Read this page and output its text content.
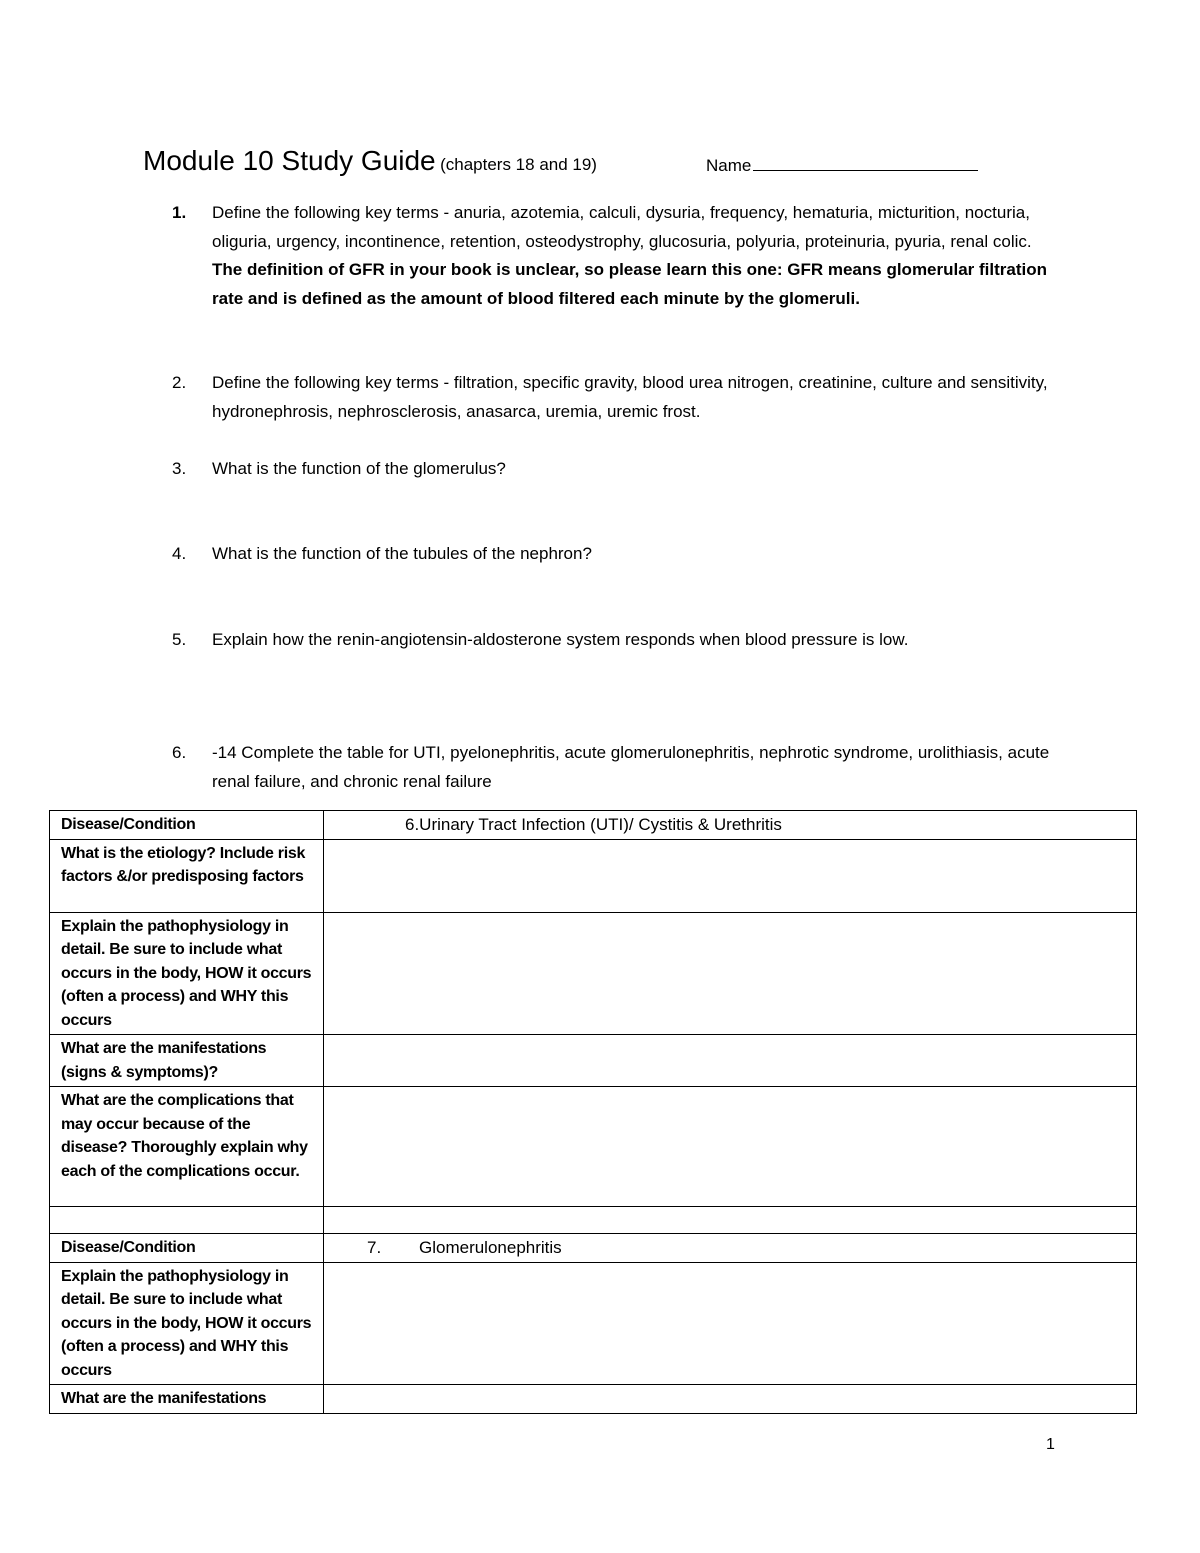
Module 10 Study Guide (chapters 18 and 19)	Name
1.	Define the following key terms - anuria, azotemia, calculi, dysuria, frequency, hematuria, micturition, nocturia, oliguria, urgency, incontinence, retention, osteodystrophy, glucosuria, polyuria, proteinuria, pyuria, renal colic. The definition of GFR in your book is unclear, so please learn this one: GFR means glomerular filtration rate and is defined as the amount of blood filtered each minute by the glomeruli.
2.	Define the following key terms - filtration, specific gravity, blood urea nitrogen, creatinine, culture and sensitivity, hydronephrosis, nephrosclerosis, anasarca, uremia, uremic frost.
3.	What is the function of the glomerulus?
4.	What is the function of the tubules of the nephron?
5.	Explain how the renin-angiotensin-aldosterone system responds when blood pressure is low.
6.	-14 Complete the table for UTI, pyelonephritis, acute glomerulonephritis, nephrotic syndrome, urolithiasis, acute renal failure, and chronic renal failure
Disease/Condition	6.Urinary Tract Infection (UTI)/ Cystitis & Urethritis
What is the etiology? Include risk factors &/or predisposing factors	
Explain the pathophysiology in detail. Be sure to include what occurs in the body, HOW it occurs (often a process) and WHY this occurs	
What are the manifestations (signs & symptoms)?	
What are the complications that may occur because of the disease? Thoroughly explain why each of the complications occur.	

Disease/Condition	7. Glomerulonephritis
Explain the pathophysiology in detail. Be sure to include what occurs in the body, HOW it occurs (often a process) and WHY this occurs	
What are the manifestations	
1
